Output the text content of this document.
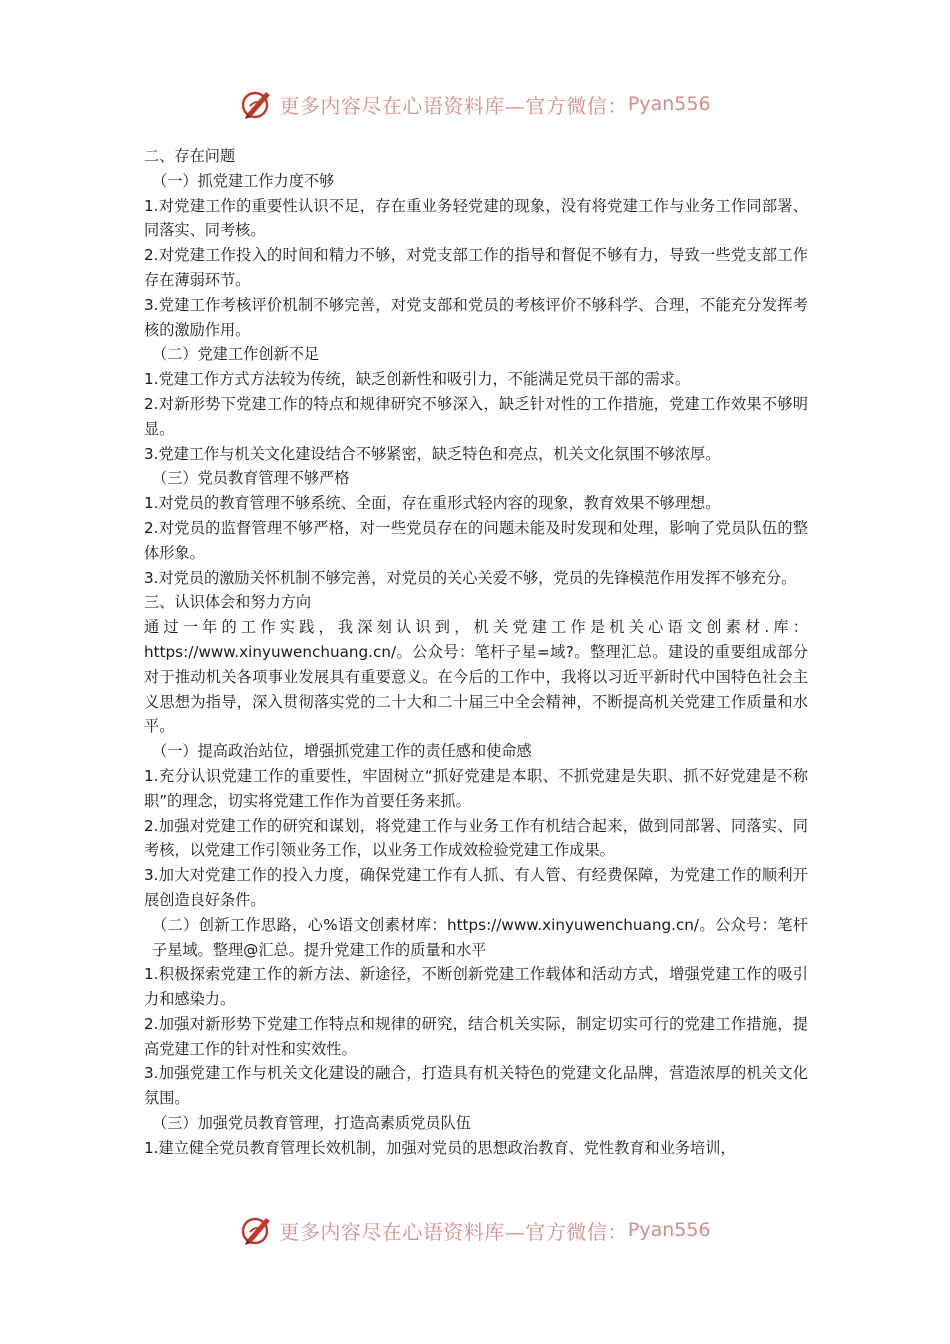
更多内容尽在心语资料库—官方微信： Pyan556

二、存在问题

（一）抓党建工作力度不够

1.对党建工作的重要性认识不足，存在重业务轻党建的现象，没有将党建工作与业务工作同部署、同落实、同考核。

2.对党建工作投入的时间和精力不够，对党支部工作的指导和督促不够有力，导致一些党支部工作存在薄弱环节。

3.党建工作考核评价机制不够完善，对党支部和党员的考核评价不够科学、合理，不能充分发挥考核的激励作用。

（二）党建工作创新不足

1.党建工作方式方法较为传统，缺乏创新性和吸引力，不能满足党员干部的需求。

2.对新形势下党建工作的特点和规律研究不够深入，缺乏针对性的工作措施，党建工作效果不够明显。

3.党建工作与机关文化建设结合不够紧密，缺乏特色和亮点，机关文化氛围不够浓厚。

（三）党员教育管理不够严格

1.对党员的教育管理不够系统、全面，存在重形式轻内容的现象，教育效果不够理想。

2.对党员的监督管理不够严格，对一些党员存在的问题未能及时发现和处理，影响了党员队伍的整体形象。

3.对党员的激励关怀机制不够完善，对党员的关心关爱不够，党员的先锋模范作用发挥不够充分。

三、认识体会和努力方向

通过一年的工作实践，我深刻认识到，机关党建工作是机关心语文创素材.库：https://www.xinyuwenchuang.cn/。公众号：笔杆子星=域?。整理汇总。建设的重要组成部分对于推动机关各项事业发展具有重要意义。在今后的工作中，我将以习近平新时代中国特色社会主义思想为指导，深入贯彻落实党的二十大和二十届三中全会精神，不断提高机关党建工作质量和水平。

（一）提高政治站位，增强抓党建工作的责任感和使命感

1.充分认识党建工作的重要性，牢固树立“抓好党建是本职、不抓党建是失职、抓不好党建是不称职”的理念，切实将党建工作作为首要任务来抓。

2.加强对党建工作的研究和谋划，将党建工作与业务工作有机结合起来，做到同部署、同落实、同考核，以党建工作引领业务工作，以业务工作成效检验党建工作成果。

3.加大对党建工作的投入力度，确保党建工作有人抓、有人管、有经费保障，为党建工作的顺利开展创造良好条件。

（二）创新工作思路，心%语文创素材库：https://www.xinyuwenchuang.cn/。公众号：笔杆子星域。整理@汇总。提升党建工作的质量和水平

1.积极探索党建工作的新方法、新途径，不断创新党建工作载体和活动方式，增强党建工作的吸引力和感染力。

2.加强对新形势下党建工作特点和规律的研究，结合机关实际，制定切实可行的党建工作措施，提高党建工作的针对性和实效性。

3.加强党建工作与机关文化建设的融合，打造具有机关特色的党建文化品牌，营造浓厚的机关文化氛围。

（三）加强党员教育管理，打造高素质党员队伍

1.建立健全党员教育管理长效机制，加强对党员的思想政治教育、党性教育和业务培训，

更多内容尽在心语资料库—官方微信： Pyan556
